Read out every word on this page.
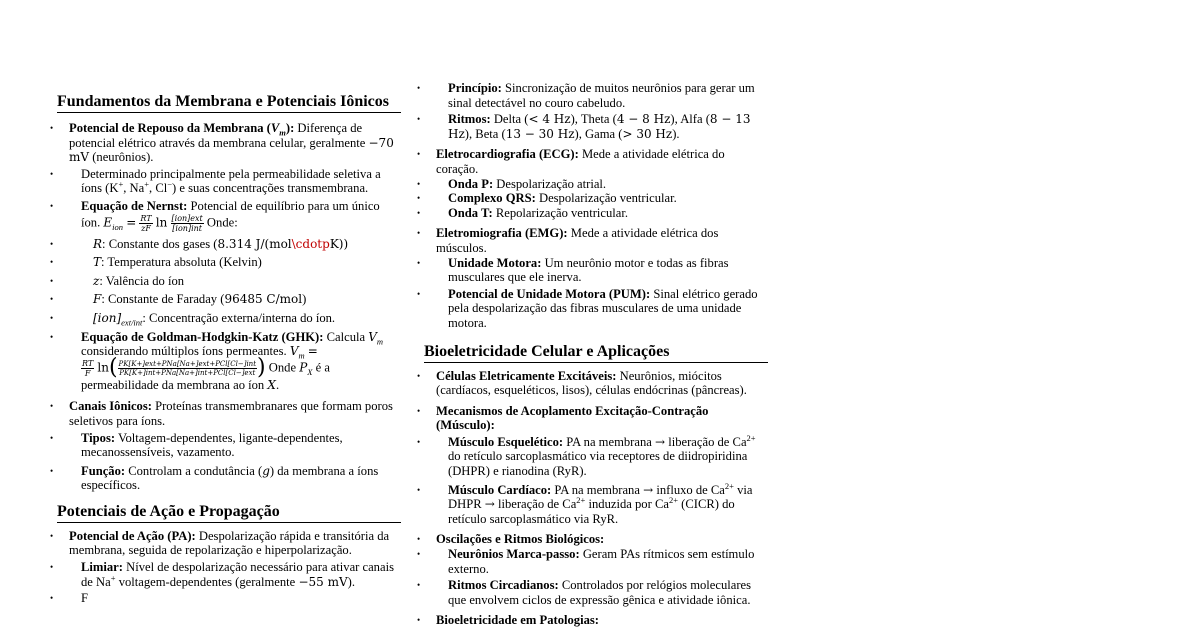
Fundamentos da Membrana e Potenciais Iônicos
• Potencial de Repouso da Membrana $(V_m)$: Diferença de potencial elétrico através da membrana celular, geralmente −70 mV (neurônios).
• Determinado principalmente pela permeabilidade seletiva a íons (K+, Na+, Cl−) e suas concentrações transmembrana.
• Equação de Nernst: Potencial de equilíbrio para um único íon. $E_{ion} = \frac{RT}{zF}$ $\ln \frac{\text{[ion]ext}}{\text{[ion]int}}$ Onde:
• R: Constante dos gases (8.314 J/(mol\cdotpK))
• T: Temperatura absoluta (Kelvin)
• z: Valência do íon
• F: Constante de Faraday (96485 C/mol)
• $[ion]_{ext/int}$: Concentração externa/interna do íon.
• Equação de Goldman-Hodgkin-Katz (GHK): Calcula $V_m$ considerando múltiplos íons permeantes. $V_m$ =

$\frac{RT}{F} \ln( \frac{\text{PK[K+]ext+PNa[Na+]ext+PCl[Cl−]int}}{\text{PK[K+]int+PNa[Na+]int+PCl[Cl−]ext}}$ ) Onde $P_X$ é a permeabilidade da membrana ao íon X.
• Canais Iônicos: Proteínas transmembranares que formam poros seletivos para íons.
• Tipos: Voltagem-dependentes, ligante-dependentes, mecanossensíveis, vazamento.
• Função: Controlam a condutância (g) da membrana a íons específicos.
Potenciais de Ação e Propagação
• Potencial de Ação (PA): Despolarização rápida e transitória da membrana, seguida de repolarização e hiperpolarização.
• Limiar: Nível de despolarização necessário para ativar canais de Na+ voltagem-dependentes (geralmente −55 mV).
• F
• Princípio: Sincronização de muitos neurônios para gerar um sinal detectável no couro cabeludo.
• Ritmos: Delta (< 4 Hz), Theta (4 − 8 Hz), Alfa (8 − 13 Hz), Beta (13 − 30 Hz), Gama (> 30 Hz).
• Eletrocardiografia (ECG): Mede a atividade elétrica do coração.
• Onda P: Despolarização atrial.
• Complexo QRS: Despolarização ventricular.
• Onda T: Repolarização ventricular.
• Eletromiografia (EMG): Mede a atividade elétrica dos músculos.
• Unidade Motora: Um neurônio motor e todas as fibras musculares que ele inerva.
• Potencial de Unidade Motora (PUM): Sinal elétrico gerado pela despolarização das fibras musculares de uma unidade motora.
Bioeletricidade Celular e Aplicações
• Células Eletricamente Excitáveis: Neurônios, miócitos (cardíacos, esqueléticos, lisos), células endócrinas (pâncreas).
• Mecanismos de Acoplamento Excitação-Contração (Músculo):
• Músculo Esquelético: PA na membrana → liberação de $Ca^{2+}$ do retículo sarcoplasmático via receptores de diidropiridina (DHPR) e rianodina (RyR).
• Músculo Cardíaco: PA na membrana → influxo de $Ca^{2+}$ via DHPR → liberação de $Ca^{2+}$ induzida por $Ca^{2+}$ (CICR) do retículo sarcoplasmático via RyR.
• Oscilações e Ritmos Biológicos:
• Neurônios Marca-passo: Geram PAs rítmicos sem estímulo externo.
• Ritmos Circadianos: Controlados por relógios moleculares que envolvem ciclos de expressão gênica e atividade iônica.
• Bioeletricidade em Patologias:
